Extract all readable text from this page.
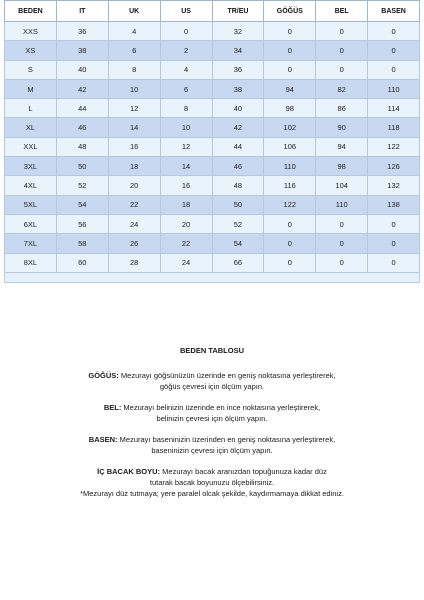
BEDEN	IT	UK	US	TR/EU	GÖĞÜS	BEL	BASEN
XXS	36	4	0	32	0	0	0
XS	38	6	2	34	0	0	0
S	40	8	4	36	0	0	0
M	42	10	6	38	94	82	110
L	44	12	8	40	98	86	114
XL	46	14	10	42	102	90	118
XXL	48	16	12	44	106	94	122
3XL	50	18	14	46	110	98	126
4XL	52	20	16	48	116	104	132
5XL	54	22	18	50	122	110	138
6XL	56	24	20	52	0	0	0
7XL	58	26	22	54	0	0	0
8XL	60	28	24	66	0	0	0

BEDEN TABLOSU

GÖĞÜS: Mezurayı göğsünüzün üzerinde en geniş noktasına yerleştirerek,

göğüs çevresi için ölçüm yapın.

BEL: Mezurayı belinizin üzerinde en ince noktasına yerleştirerek,

belinizin çevresi için ölçüm yapın.

BASEN: Mezurayı baseninizin üzerinden en geniş noktasına yerleştirerek,

baseninizin çevresi için ölçüm yapın.

İÇ BACAK BOYU: Mezurayı bacak aranızdan topuğunuza kadar düz

tutarak bacak boyunuzu ölçebilirsiniz.

*Mezurayı düz tutmaya; yere paralel olcak şekilde, kaydırmamaya dikkat ediniz.
